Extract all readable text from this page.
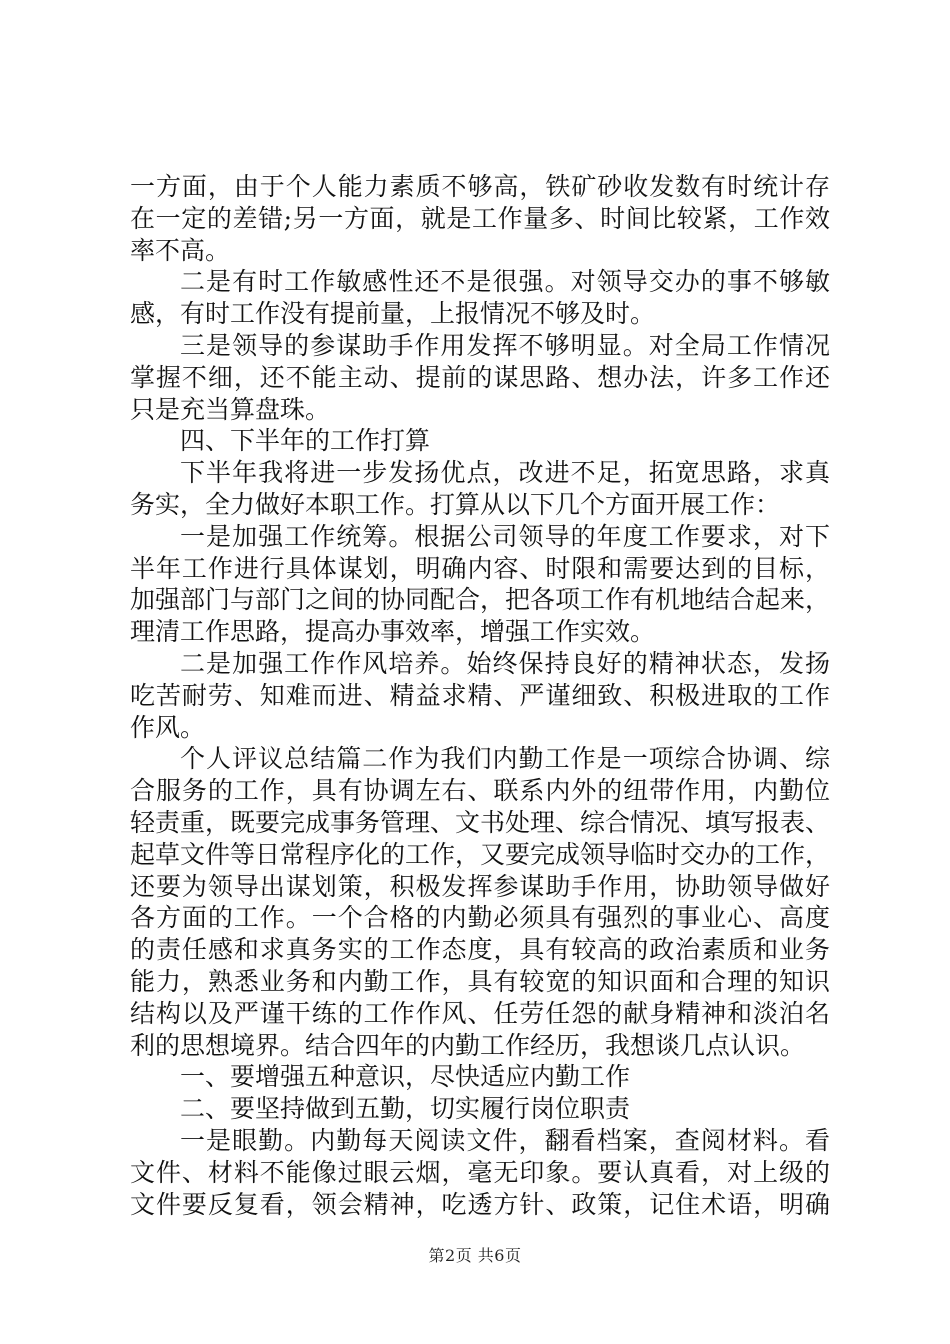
一方面，由于个人能力素质不够高，铁矿砂收发数有时统计存
在一定的差错;另一方面，就是工作量多、时间比较紧，工作效
率不高。
二是有时工作敏感性还不是很强。对领导交办的事不够敏
感，有时工作没有提前量，上报情况不够及时。
三是领导的参谋助手作用发挥不够明显。对全局工作情况
掌握不细，还不能主动、提前的谋思路、想办法，许多工作还
只是充当算盘珠。
四、下半年的工作打算
下半年我将进一步发扬优点，改进不足，拓宽思路，求真
务实，全力做好本职工作。打算从以下几个方面开展工作：
一是加强工作统筹。根据公司领导的年度工作要求，对下
半年工作进行具体谋划，明确内容、时限和需要达到的目标，
加强部门与部门之间的协同配合，把各项工作有机地结合起来，
理清工作思路，提高办事效率，增强工作实效。
二是加强工作作风培养。始终保持良好的精神状态，发扬
吃苦耐劳、知难而进、精益求精、严谨细致、积极进取的工作
作风。
个人评议总结篇二作为我们内勤工作是一项综合协调、综
合服务的工作，具有协调左右、联系内外的纽带作用，内勤位
轻责重，既要完成事务管理、文书处理、综合情况、填写报表、
起草文件等日常程序化的工作，又要完成领导临时交办的工作，
还要为领导出谋划策，积极发挥参谋助手作用，协助领导做好
各方面的工作。一个合格的内勤必须具有强烈的事业心、高度
的责任感和求真务实的工作态度，具有较高的政治素质和业务
能力，熟悉业务和内勤工作，具有较宽的知识面和合理的知识
结构以及严谨干练的工作作风、任劳任怨的献身精神和淡泊名
利的思想境界。结合四年的内勤工作经历，我想谈几点认识。
一、要增强五种意识，尽快适应内勤工作
二、要坚持做到五勤，切实履行岗位职责
一是眼勤。内勤每天阅读文件，翻看档案，查阅材料。看
文件、材料不能像过眼云烟，毫无印象。要认真看，对上级的
文件要反复看，领会精神，吃透方针、政策，记住术语，明确
第2页 共6页
